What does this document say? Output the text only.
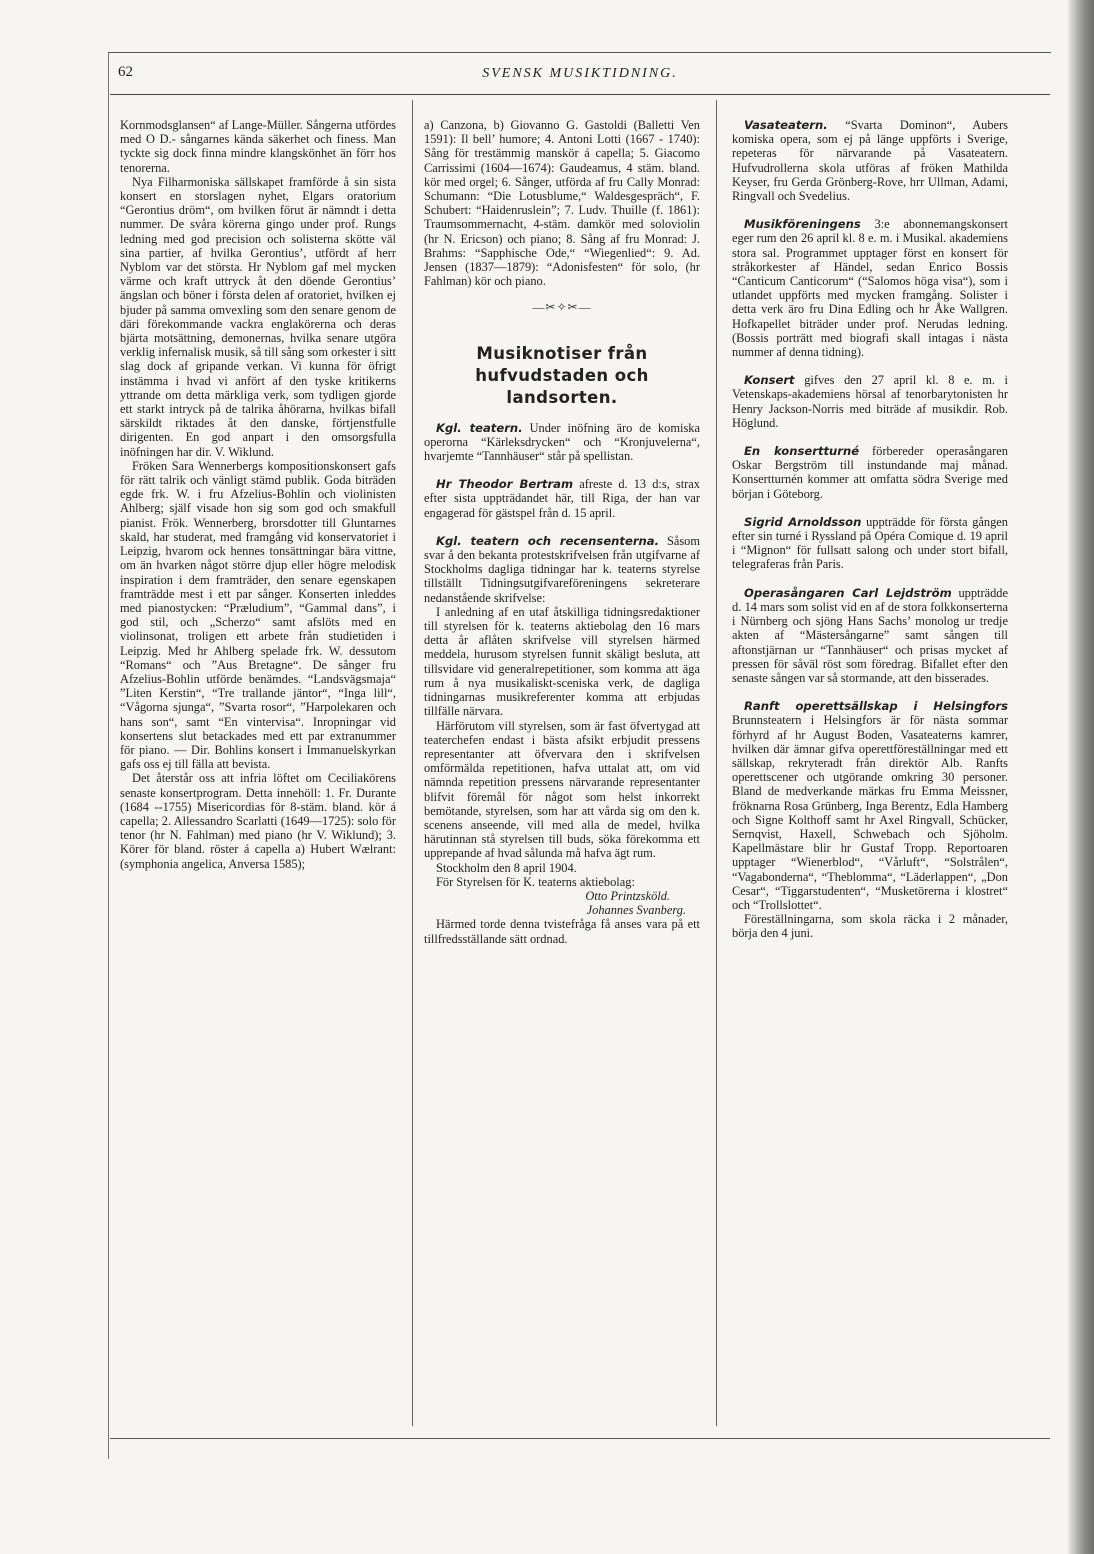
62	SVENSK MUSIKTIDNING.

Kornmodsglansen“ af Lange-Müller. Sångerna utfördes med O D.- sångarnes kända säkerhet och finess. Man tyckte sig dock finna mindre klangskönhet än förr hos tenorerna.

Nya Filharmoniska sällskapet framförde å sin sista konsert en storslagen nyhet, Elgars oratorium “Gerontius dröm“, om hvilken förut är nämndt i detta nummer. De svåra körerna gingo under prof. Rungs ledning med god precision och solisterna skötte väl sina partier, af hvilka Gerontius’, utfördt af herr Nyblom var det största. Hr Nyblom gaf mel mycken värme och kraft uttryck åt den döende Gerontius’ ängslan och böner i första delen af oratoriet, hvilken ej bjuder på samma omvexling som den senare genom de däri förekommande vackra englakörerna och deras bjärta motsättning, demonernas, hvilka senare utgöra verklig infernalisk musik, så till sång som orkester i sitt slag dock af gripande verkan. Vi kunna för öfrigt instämma i hvad vi anfört af den tyske kritikerns yttrande om detta märkliga verk, som tydligen gjorde ett starkt intryck på de talrika åhörarna, hvilkas bifall särskildt riktades åt den danske, förtjenstfulle dirigenten. En god anpart i den omsorgsfulla inöfningen har dir. V. Wiklund.

Fröken Sara Wennerbergs kompositionskonsert gafs för rätt talrik och vänligt stämd publik. Goda biträden egde frk. W. i fru Afzelius-Bohlin och violinisten Ahlberg; själf visade hon sig som god och smakfull pianist. Frök. Wennerberg, brorsdotter till Gluntarnes skald, har studerat, med framgång vid konservatoriet i Leipzig, hvarom ock hennes tonsättningar bära vittne, om än hvarken något större djup eller högre melodisk inspiration i dem framträder, den senare egenskapen framträdde mest i ett par sånger. Konserten inleddes med pianostycken: “Præludium”, “Gammal dans”, i god stil, och „Scherzo“ samt afslöts med en violinsonat, troligen ett arbete från studietiden i Leipzig. Med hr Ahlberg spelade frk. W. dessutom “Romans“ och ”Aus Bretagne“. De sånger fru Afzelius-Bohlin utförde benämdes. “Landsvägsmaja“ ”Liten Kerstin“, “Tre trallande jäntor“, “Inga lill“, “Vågorna sjunga“, ”Svarta rosor“, ”Harpolekaren och hans son“, samt “En vintervisa“. Inropningar vid konsertens slut betackades med ett par extranummer för piano. — Dir. Bohlins konsert i Immanuelskyrkan gafs oss ej till fälla att bevista.

Det återstår oss att infria löftet om Ceciliakörens senaste konsertprogram. Detta innehöll: 1. Fr. Durante (1684 --1755) Misericordias för 8-stäm. bland. kör á capella; 2. Allessandro Scarlatti (1649—1725): solo för tenor (hr N. Fahlman) med piano (hr V. Wiklund); 3. Körer för bland. röster á capella a) Hubert Wælrant: (symphonia angelica, Anversa 1585);

a) Canzona, b) Giovanno G. Gastoldi (Balletti Ven 1591): Il bell’ humore; 4. Antoni Lotti (1667 - 1740): Sång för trestämmig manskör á capella; 5. Giacomo Carrissimi (1604—1674): Gaudeamus, 4 stäm. bland. kör med orgel; 6. Sånger, utförda af fru Cally Monrad: Schumann: “Die Lotusblume,“ Waldesgespräch“, F. Schubert: “Haidenruslein”; 7. Ludv. Thuille (f. 1861): Traumsommernacht, 4-stäm. damkör med soloviolin (hr N. Ericson) och piano; 8. Sång af fru Monrad: J. Brahms: “Sapphische Ode,“ “Wiegenlied“: 9. Ad. Jensen (1837—1879): “Adonisfesten“ för solo, (hr Fahlman) kör och piano.

—✂✧✂—
Musiknotiser från hufvudstaden och landsorten.

Kgl. teatern. Under inöfning äro de komiska operorna “Kärleksdrycken“ och “Kronjuvelerna“, hvarjemte “Tannhäuser“ står på spellistan.

Hr Theodor Bertram afreste d. 13 d:s, strax efter sista uppträdandet här, till Riga, der han var engagerad för gästspel från d. 15 april.

Kgl. teatern och recensenterna. Såsom svar å den bekanta protestskrifvelsen från utgifvarne af Stockholms dagliga tidningar har k. teaterns styrelse tillställt Tidningsutgifvareföreningens sekreterare nedanstående skrifvelse:

I anledning af en utaf åtskilliga tidningsredaktioner till styrelsen för k. teaterns aktiebolag den 16 mars detta år aflåten skrifvelse vill styrelsen härmed meddela, hurusom styrelsen funnit skäligt besluta, att tillsvidare vid generalrepetitioner, som komma att äga rum å nya musikaliskt-sceniska verk, de dagliga tidningarnas musikreferenter komma att erbjudas tillfälle närvara.

Härförutom vill styrelsen, som är fast öfvertygad att teaterchefen endast i bästa afsikt erbjudit pressens representanter att öfvervara den i skrifvelsen omförmälda repetitionen, hafva uttalat att, om vid nämnda repetition pressens närvarande representanter blifvit föremål för något som helst inkorrekt bemötande, styrelsen, som har att vårda sig om den k. scenens anseende, vill med alla de medel, hvilka härutinnan stå styrelsen till buds, söka förekomma ett upprepande af hvad sålunda må hafva ägt rum.

Stockholm den 8 april 1904.

För Styrelsen för K. teaterns aktiebolag:

Otto Printzsköld.
Johannes Svanberg.

Härmed torde denna tvistefråga få anses vara på ett tillfredsställande sätt ordnad.

Vasateatern. “Svarta Dominon“, Aubers komiska opera, som ej på länge uppförts i Sverige, repeteras för närvarande på Vasateatern. Hufvudrollerna skola utföras af fröken Mathilda Keyser, fru Gerda Grönberg-Rove, hrr Ullman, Adami, Ringvall och Svedelius.

Musikföreningens 3:e abonnemangskonsert eger rum den 26 april kl. 8 e. m. i Musikal. akademiens stora sal. Programmet upptager först en konsert för stråkorkester af Händel, sedan Enrico Bossis “Canticum Canticorum“ (“Salomos höga visa“), som i utlandet uppförts med mycken framgång. Solister i detta verk äro fru Dina Edling och hr Åke Wallgren. Hofkapellet biträder under prof. Nerudas ledning. (Bossis porträtt med biografi skall intagas i nästa nummer af denna tidning).

Konsert gifves den 27 april kl. 8 e. m. i Vetenskaps-akademiens hörsal af tenorbarytonisten hr Henry Jackson-Norris med biträde af musikdir. Rob. Höglund.

En konsertturné förbereder operasångaren Oskar Bergström till instundande maj månad. Konsertturnén kommer att omfatta södra Sverige med början i Göteborg.

Sigrid Arnoldsson uppträdde för första gången efter sin turné i Ryssland på Opéra Comique d. 19 april i “Mignon“ för fullsatt salong och under stort bifall, telegraferas från Paris.

Operasångaren Carl Lejdström uppträdde d. 14 mars som solist vid en af de stora folkkonserterna i Nürnberg och sjöng Hans Sachs’ monolog ur tredje akten af “Mästersångarne” samt sången till aftonstjärnan ur “Tannhäuser“ och prisas mycket af pressen för såväl röst som föredrag. Bifallet efter den senaste sången var så stormande, att den bisserades.

Ranft operettsällskap i Helsingfors Brunnsteatern i Helsingfors är för nästa sommar förhyrd af hr August Boden, Vasateaterns kamrer, hvilken där ämnar gifva operettföreställningar med ett sällskap, rekryteradt från direktör Alb. Ranfts operettscener och utgörande omkring 30 personer. Bland de medverkande märkas fru Emma Meissner, fröknarna Rosa Grünberg, Inga Berentz, Edla Hamberg och Signe Kolthoff samt hr Axel Ringvall, Schücker, Sernqvist, Haxell, Schwebach och Sjöholm. Kapellmästare blir hr Gustaf Tropp. Reportoaren upptager “Wienerblod“, “Vårluft“, “Solstrålen“, “Vagabonderna“, “Theblomma“, “Läderlappen“, „Don Cesar“, “Tiggarstudenten“, “Musketörerna i klostret“ och “Trollslottet“.

Föreställningarna, som skola räcka i 2 månader, börja den 4 juni.
